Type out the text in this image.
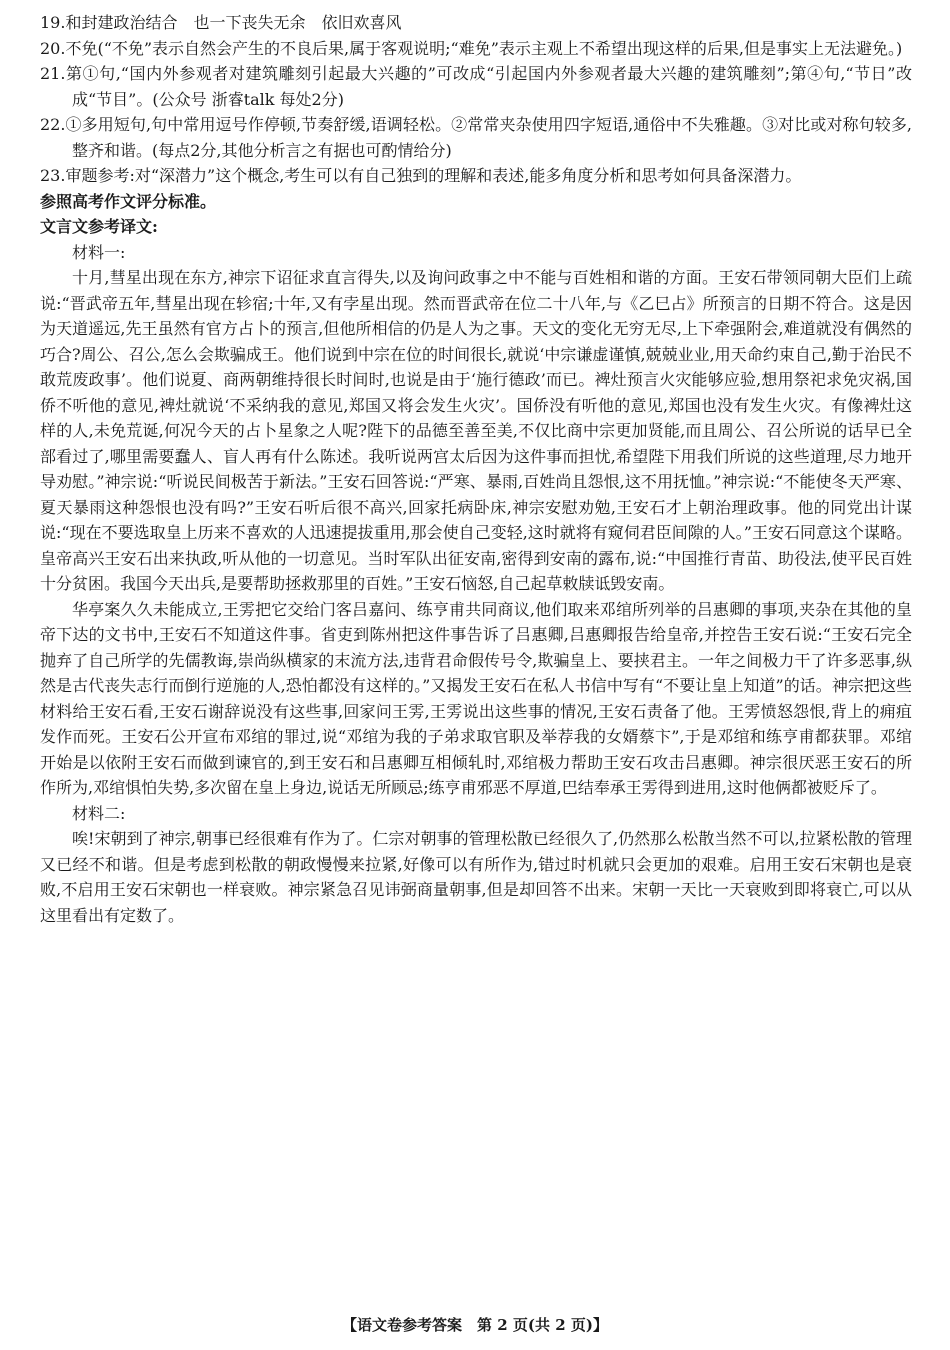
19.和封建政治结合　也一下丧失无余　依旧欢喜风

20.不免(“不免”表示自然会产生的不良后果,属于客观说明;“难免”表示主观上不希望出现这样的后果,但是事实上无法避免。)

21.第①句,“国内外参观者对建筑雕刻引起最大兴趣的”可改成“引起国内外参观者最大兴趣的建筑雕刻”;第④句,“节日”改成“节目”。(公众号 浙睿talk 每处2分)

22.①多用短句,句中常用逗号作停顿,节奏舒缓,语调轻松。②常常夹杂使用四字短语,通俗中不失雅趣。③对比或对称句较多,整齐和谐。(每点2分,其他分析言之有据也可酌情给分)

23.审题参考:对“深潜力”这个概念,考生可以有自己独到的理解和表述,能多角度分析和思考如何具备深潜力。

参照高考作文评分标准。

文言文参考译文:

材料一:

十月,彗星出现在东方,神宗下诏征求直言得失,以及询问政事之中不能与百姓相和谐的方面。王安石带领同朝大臣们上疏说:“晋武帝五年,彗星出现在轸宿;十年,又有孛星出现。然而晋武帝在位二十八年,与《乙巳占》所预言的日期不符合。这是因为天道遥远,先王虽然有官方占卜的预言,但他所相信的仍是人为之事。天文的变化无穷无尽,上下牵强附会,难道就没有偶然的巧合?周公、召公,怎么会欺骗成王。他们说到中宗在位的时间很长,就说‘中宗谦虚谨慎,兢兢业业,用天命约束自己,勤于治民不敢荒废政事’。他们说夏、商两朝维持很长时间时,也说是由于‘施行德政’而已。裨灶预言火灾能够应验,想用祭祀求免灾祸,国侨不听他的意见,裨灶就说‘不采纳我的意见,郑国又将会发生火灾’。国侨没有听他的意见,郑国也没有发生火灾。有像裨灶这样的人,未免荒诞,何况今天的占卜星象之人呢?陛下的品德至善至美,不仅比商中宗更加贤能,而且周公、召公所说的话早已全部看过了,哪里需要蠢人、盲人再有什么陈述。我听说两宫太后因为这件事而担忧,希望陛下用我们所说的这些道理,尽力地开导劝慰。”神宗说:“听说民间极苦于新法。”王安石回答说:“严寒、暴雨,百姓尚且怨恨,这不用抚恤。”神宗说:“不能使冬天严寒、夏天暴雨这种怨恨也没有吗?”王安石听后很不高兴,回家托病卧床,神宗安慰劝勉,王安石才上朝治理政事。他的同党出计谋说:“现在不要选取皇上历来不喜欢的人迅速提拔重用,那会使自己变轻,这时就将有窥伺君臣间隙的人。”王安石同意这个谋略。皇帝高兴王安石出来执政,听从他的一切意见。当时军队出征安南,密得到安南的露布,说:“中国推行青苗、助役法,使平民百姓十分贫困。我国今天出兵,是要帮助拯救那里的百姓。”王安石恼怒,自己起草敕牍诋毁安南。

华亭案久久未能成立,王雱把它交给门客吕嘉问、练亨甫共同商议,他们取来邓绾所列举的吕惠卿的事项,夹杂在其他的皇帝下达的文书中,王安石不知道这件事。省吏到陈州把这件事告诉了吕惠卿,吕惠卿报告给皇帝,并控告王安石说:“王安石完全抛弃了自己所学的先儒教诲,崇尚纵横家的末流方法,违背君命假传号令,欺骗皇上、要挟君主。一年之间极力干了许多恶事,纵然是古代丧失志行而倒行逆施的人,恐怕都没有这样的。”又揭发王安石在私人书信中写有“不要让皇上知道”的话。神宗把这些材料给王安石看,王安石谢辞说没有这些事,回家问王雱,王雱说出这些事的情况,王安石责备了他。王雱愤怒怨恨,背上的痈疽发作而死。王安石公开宣布邓绾的罪过,说“邓绾为我的子弟求取官职及举荐我的女婿蔡卞”,于是邓绾和练亨甫都获罪。邓绾开始是以依附王安石而做到谏官的,到王安石和吕惠卿互相倾轧时,邓绾极力帮助王安石攻击吕惠卿。神宗很厌恶王安石的所作所为,邓绾惧怕失势,多次留在皇上身边,说话无所顾忌;练亨甫邪恶不厚道,巴结奉承王雱得到进用,这时他俩都被贬斥了。

材料二:

唉!宋朝到了神宗,朝事已经很难有作为了。仁宗对朝事的管理松散已经很久了,仍然那么松散当然不可以,拉紧松散的管理又已经不和谐。但是考虑到松散的朝政慢慢来拉紧,好像可以有所作为,错过时机就只会更加的艰难。启用王安石宋朝也是衰败,不启用王安石宋朝也一样衰败。神宗紧急召见讳弼商量朝事,但是却回答不出来。宋朝一天比一天衰败到即将衰亡,可以从这里看出有定数了。

【语文卷参考答案　第 2 页(共 2 页)】
